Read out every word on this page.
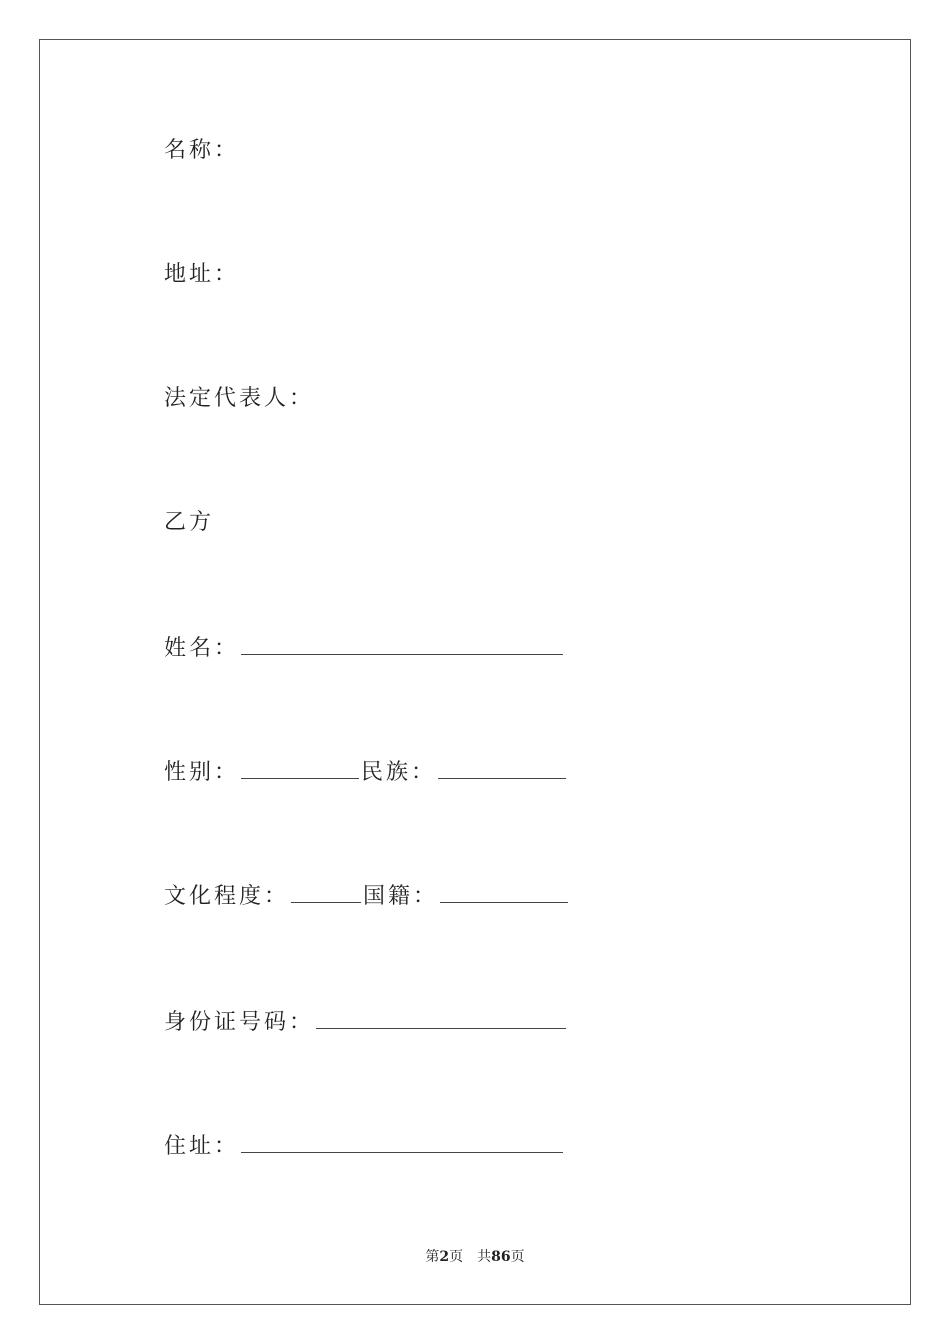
名称：
地址：
法定代表人：
乙方
姓名：
性别：	民族：
文化程度：	国籍：
身份证号码：
住址：
第2页 共86页
